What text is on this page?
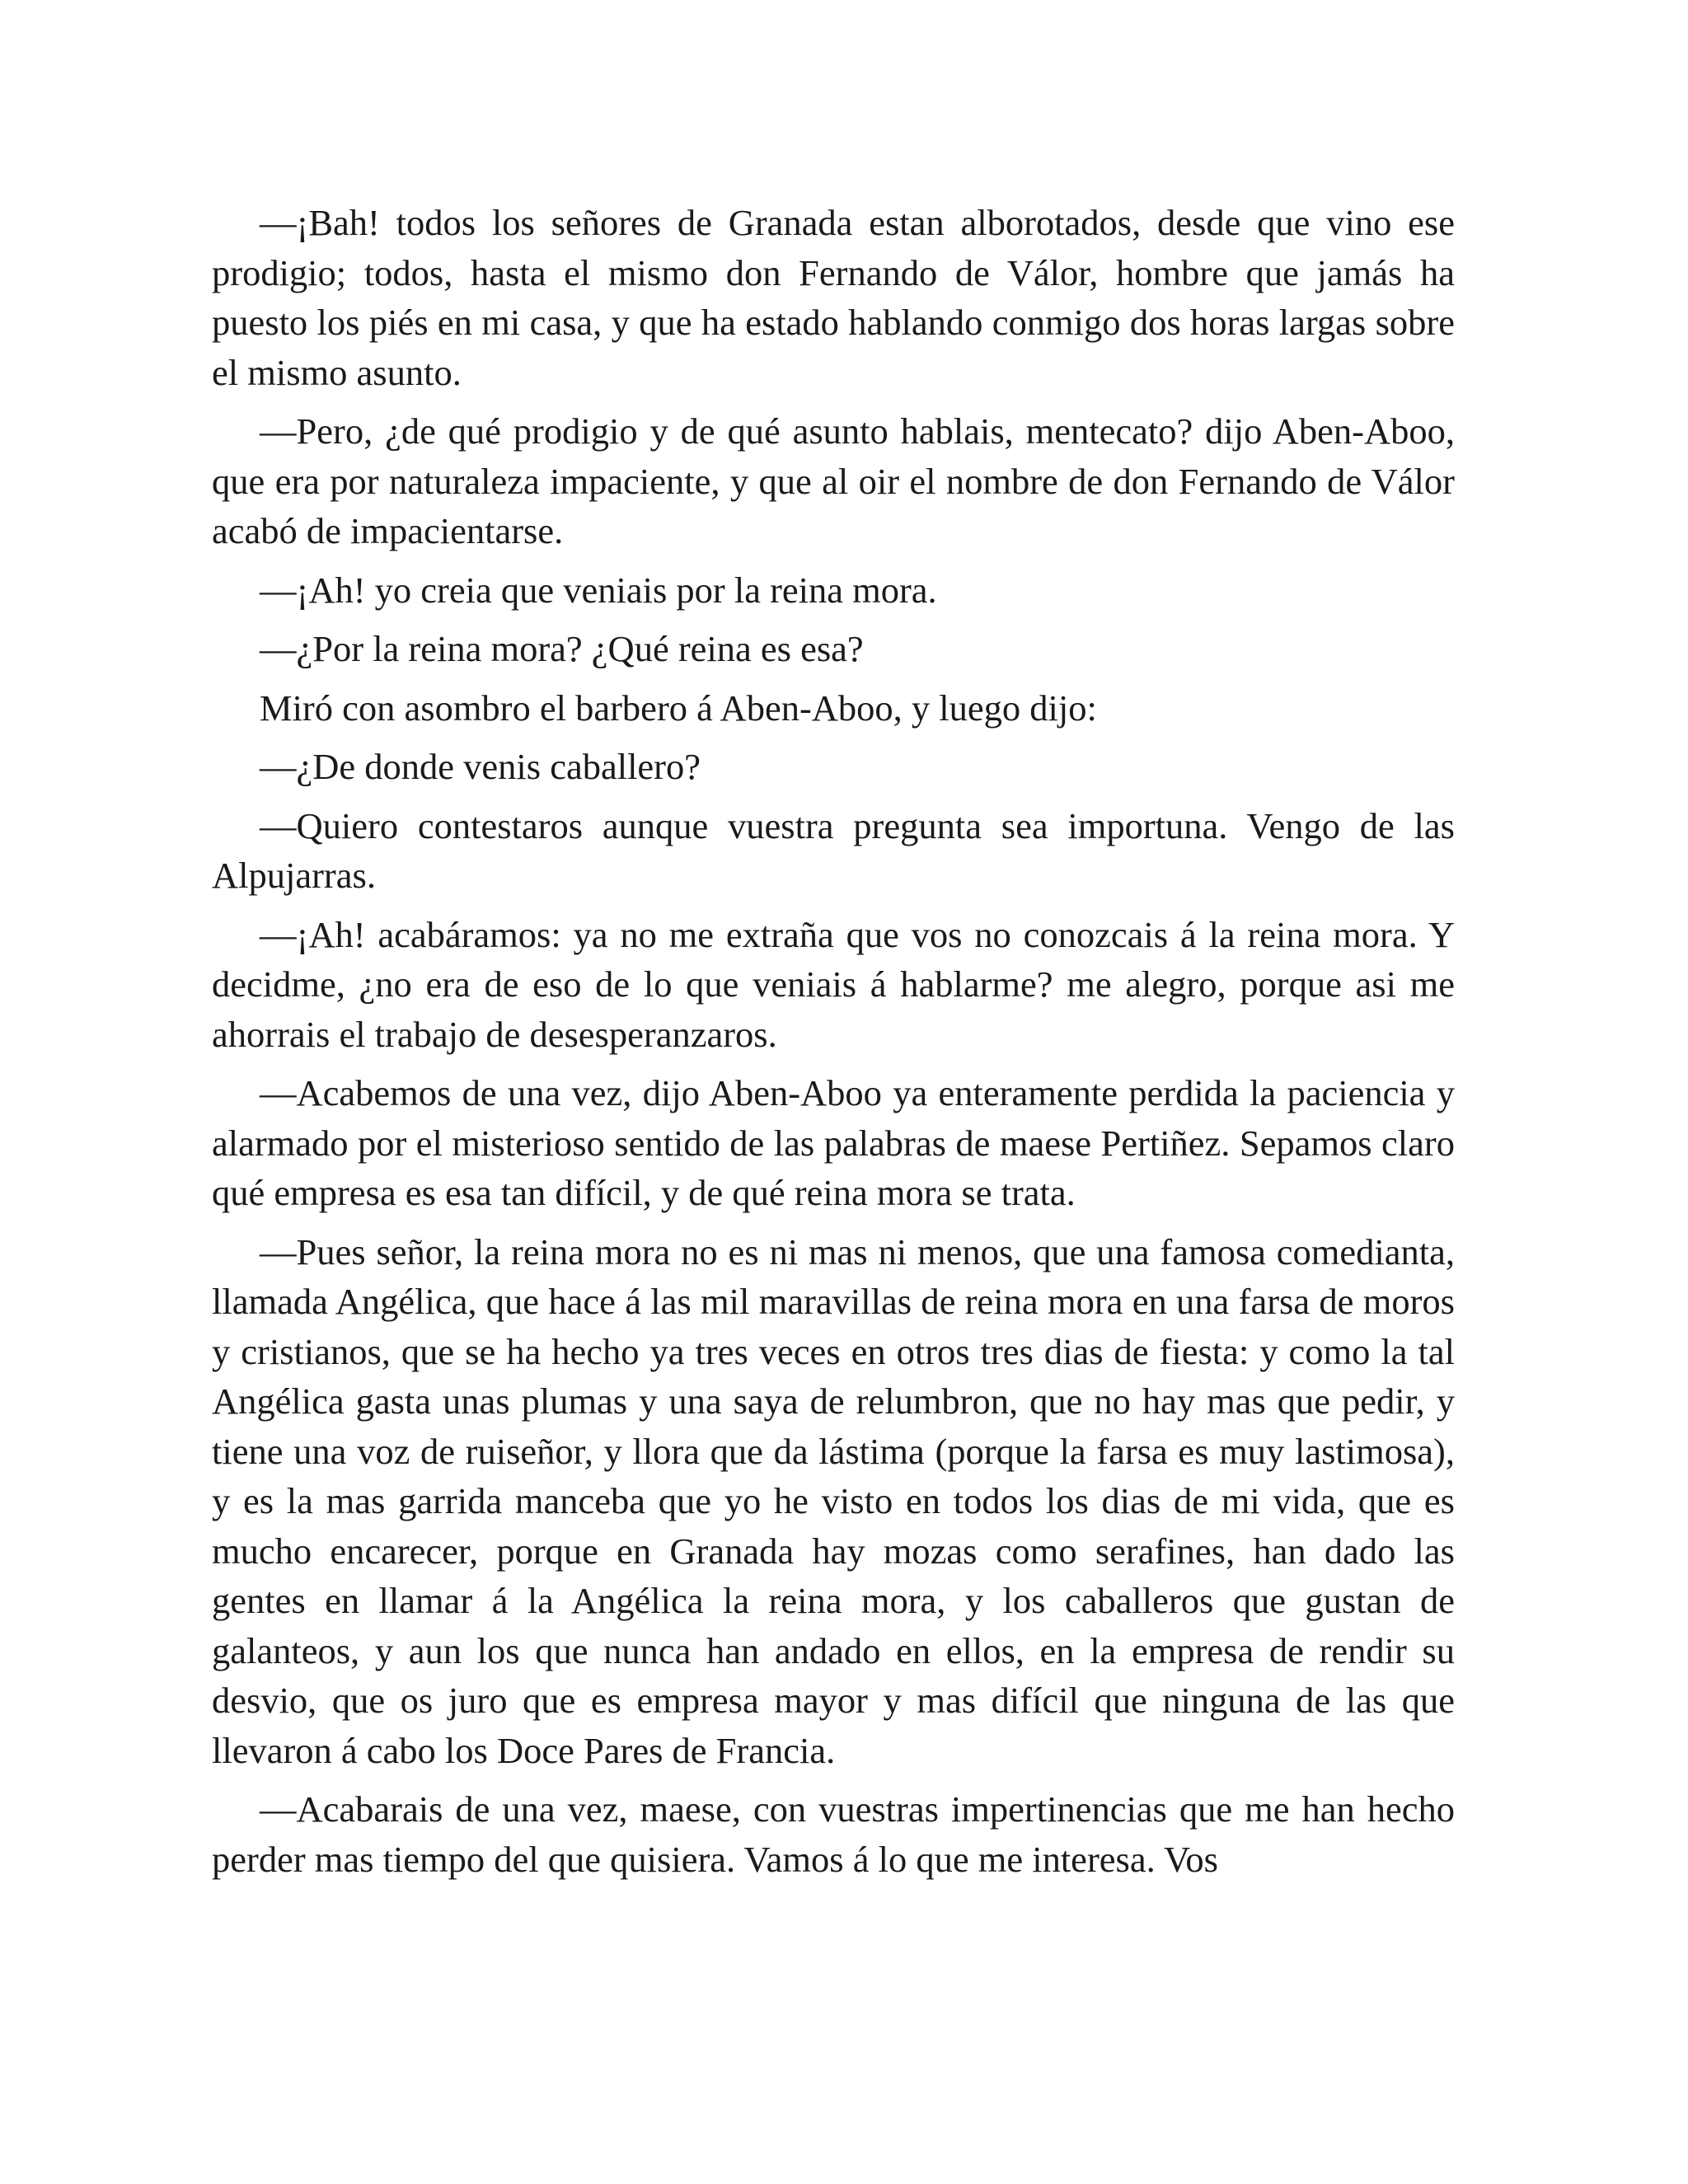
—¡Bah! todos los señores de Granada estan alborotados, desde que vino ese prodigio; todos, hasta el mismo don Fernando de Válor, hombre que jamás ha puesto los piés en mi casa, y que ha estado hablando conmigo dos horas largas sobre el mismo asunto.

—Pero, ¿de qué prodigio y de qué asunto hablais, mentecato? dijo Aben-Aboo, que era por naturaleza impaciente, y que al oir el nombre de don Fernando de Válor acabó de impacientarse.

—¡Ah! yo creia que veniais por la reina mora.

—¿Por la reina mora? ¿Qué reina es esa?

Miró con asombro el barbero á Aben-Aboo, y luego dijo:

—¿De donde venis caballero?

—Quiero contestaros aunque vuestra pregunta sea importuna. Vengo de las Alpujarras.

—¡Ah! acabáramos: ya no me extraña que vos no conozcais á la reina mora. Y decidme, ¿no era de eso de lo que veniais á hablarme? me alegro, porque asi me ahorrais el trabajo de desesperanzaros.

—Acabemos de una vez, dijo Aben-Aboo ya enteramente perdida la paciencia y alarmado por el misterioso sentido de las palabras de maese Pertiñez. Sepamos claro qué empresa es esa tan difícil, y de qué reina mora se trata.

—Pues señor, la reina mora no es ni mas ni menos, que una famosa comedianta, llamada Angélica, que hace á las mil maravillas de reina mora en una farsa de moros y cristianos, que se ha hecho ya tres veces en otros tres dias de fiesta: y como la tal Angélica gasta unas plumas y una saya de relumbron, que no hay mas que pedir, y tiene una voz de ruiseñor, y llora que da lástima (porque la farsa es muy lastimosa), y es la mas garrida manceba que yo he visto en todos los dias de mi vida, que es mucho encarecer, porque en Granada hay mozas como serafines, han dado las gentes en llamar á la Angélica la reina mora, y los caballeros que gustan de galanteos, y aun los que nunca han andado en ellos, en la empresa de rendir su desvio, que os juro que es empresa mayor y mas difícil que ninguna de las que llevaron á cabo los Doce Pares de Francia.

—Acabarais de una vez, maese, con vuestras impertinencias que me han hecho perder mas tiempo del que quisiera. Vamos á lo que me interesa. Vos
